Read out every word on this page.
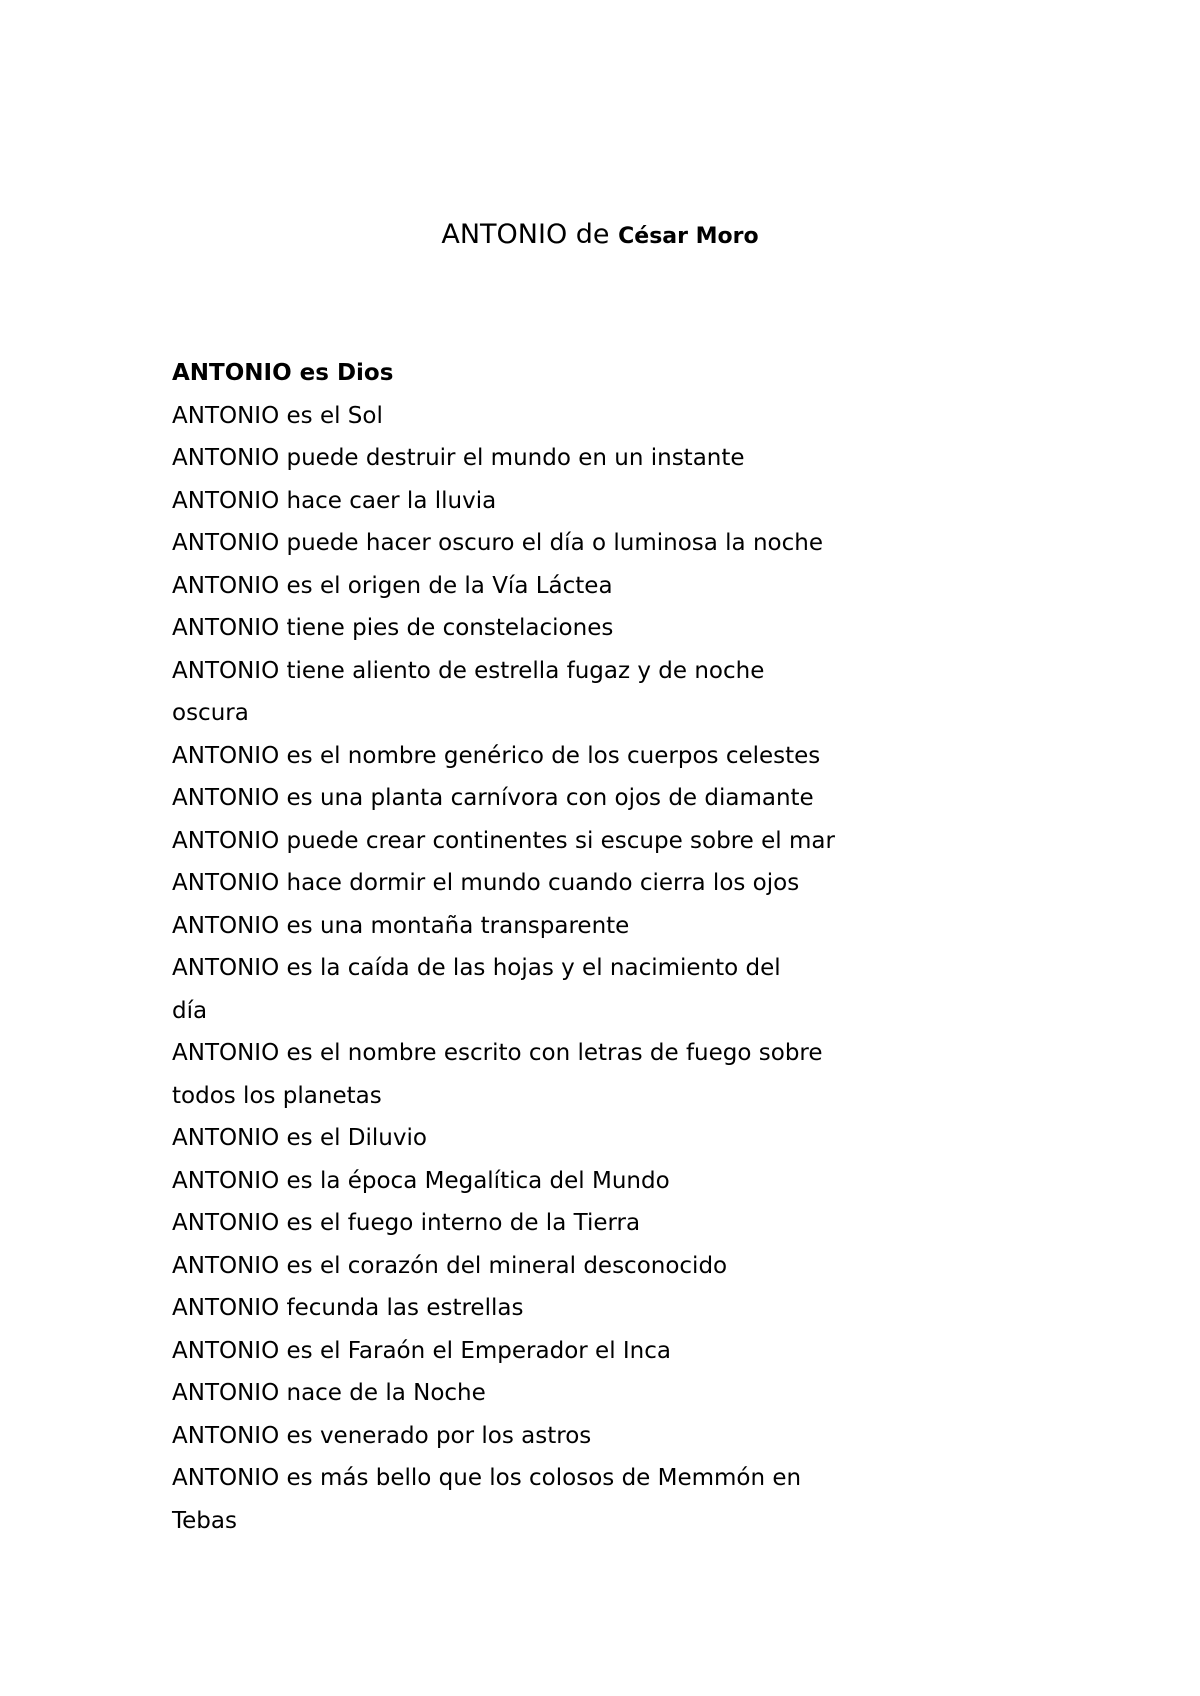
ANTONIO de César Moro
ANTONIO es Dios
ANTONIO es el Sol
ANTONIO puede destruir el mundo en un instante
ANTONIO hace caer la lluvia
ANTONIO puede hacer oscuro el día o luminosa la noche
ANTONIO es el origen de la Vía Láctea
ANTONIO tiene pies de constelaciones
ANTONIO tiene aliento de estrella fugaz y de noche
oscura
ANTONIO es el nombre genérico de los cuerpos celestes
ANTONIO es una planta carnívora con ojos de diamante
ANTONIO puede crear continentes si escupe sobre el mar
ANTONIO hace dormir el mundo cuando cierra los ojos
ANTONIO es una montaña transparente
ANTONIO es la caída de las hojas y el nacimiento del
día
ANTONIO es el nombre escrito con letras de fuego sobre
todos los planetas
ANTONIO es el Diluvio
ANTONIO es la época Megalítica del Mundo
ANTONIO es el fuego interno de la Tierra
ANTONIO es el corazón del mineral desconocido
ANTONIO fecunda las estrellas
ANTONIO es el Faraón el Emperador el Inca
ANTONIO nace de la Noche
ANTONIO es venerado por los astros
ANTONIO es más bello que los colosos de Memmón en
Tebas
